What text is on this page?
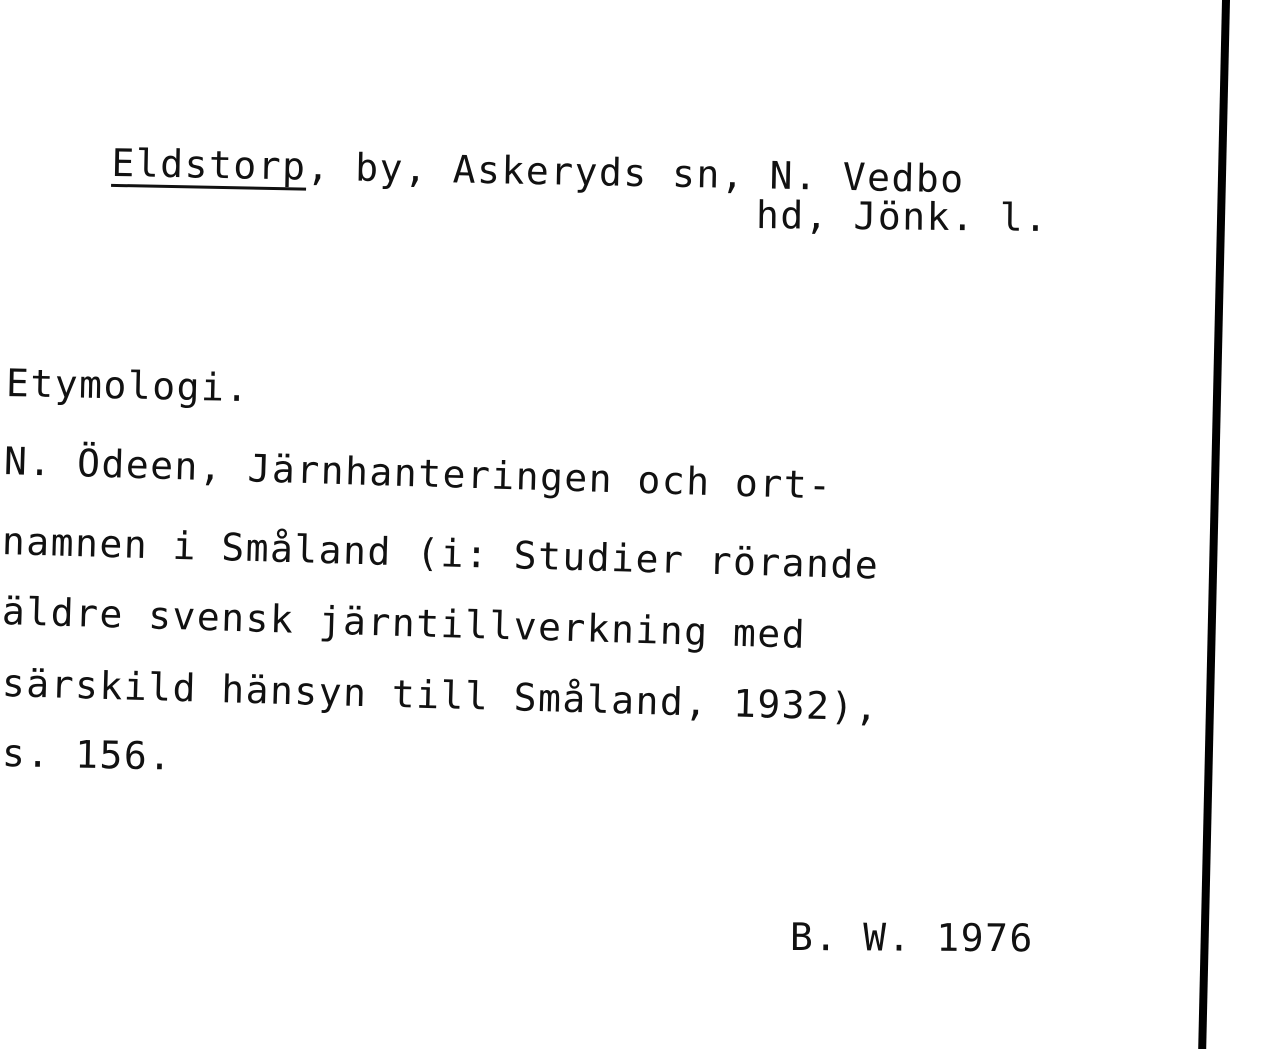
Eldstorp, by, Askeryds sn, N. Vedbo

hd, Jönk. l.
Etymologi.
N. Ödeen, Järnhanteringen och ort-
namnen i Småland (i: Studier rörande
äldre svensk järntillverkning med
särskild hänsyn till Småland, 1932),
s. 156.
B. W. 1976
